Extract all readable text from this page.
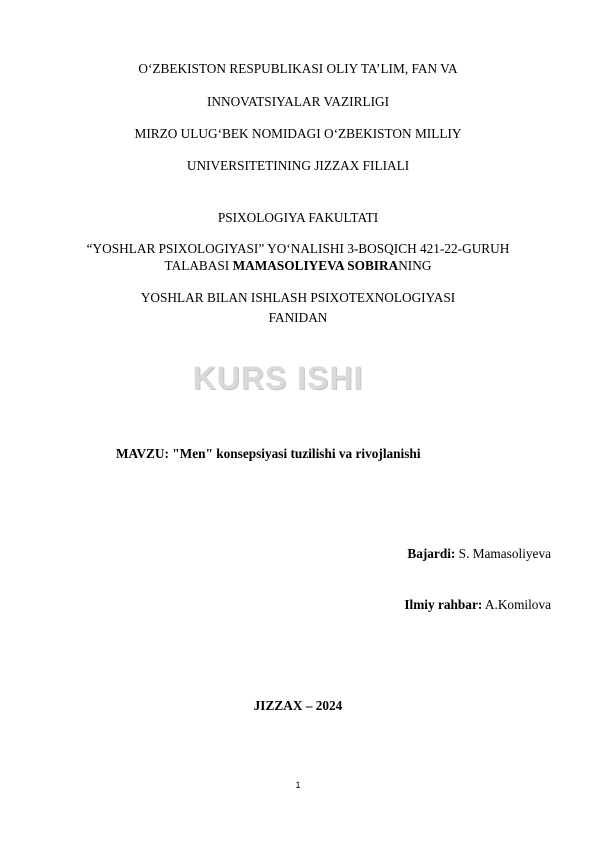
O‘ZBEKISTON RESPUBLIKASI OLIY TA’LIM, FAN VA
INNOVATSIYALAR VAZIRLIGI
MIRZO ULUG‘BEK NOMIDAGI O‘ZBEKISTON MILLIY
UNIVERSITETINING JIZZAX FILIALI
PSIXOLOGIYA FAKULTATI
“YOSHLAR PSIXOLOGIYASI” YO‘NALISHI 3-BOSQICH 421-22-GURUH
TALABASI MAMASOLIYEVA SOBIRANING
YOSHLAR BILAN ISHLASH PSIXOTEXNOLOGIYASI
FANIDAN
KURS ISHI
MAVZU: "Men" konsepsiyasi tuzilishi va rivojlanishi
Bajardi: S. Mamasoliyeva
Ilmiy rahbar: A.Komilova
JIZZAX – 2024
1
